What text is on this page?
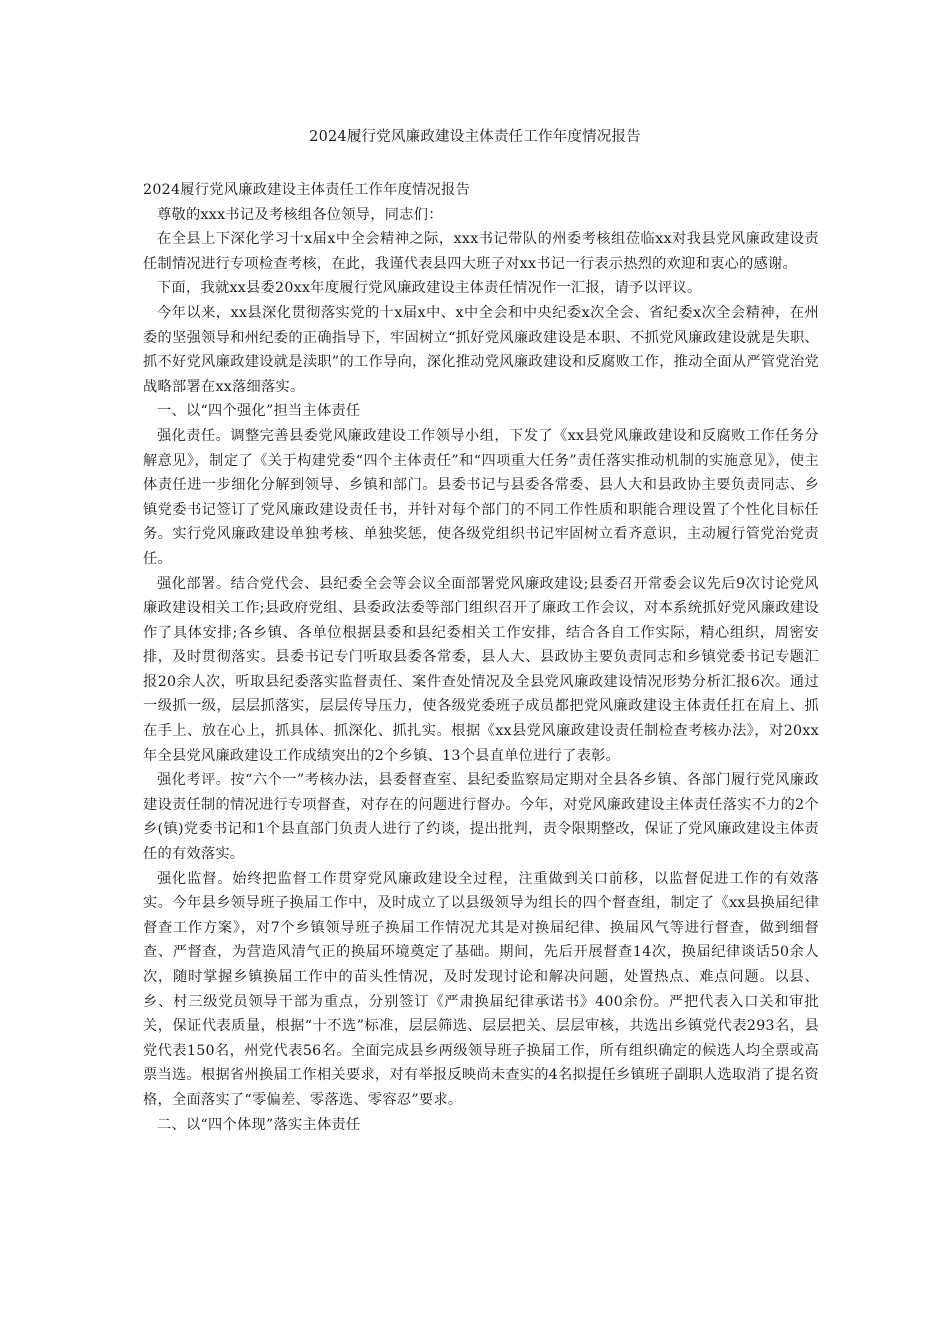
2024履行党风廉政建设主体责任工作年度情况报告

2024履行党风廉政建设主体责任工作年度情况报告

尊敬的xxx书记及考核组各位领导，同志们：

在全县上下深化学习十x届x中全会精神之际，xxx书记带队的州委考核组莅临xx对我县党风廉政建设责任制情况进行专项检查考核，在此，我谨代表县四大班子对xx书记一行表示热烈的欢迎和衷心的感谢。

下面，我就xx县委20xx年度履行党风廉政建设主体责任情况作一汇报，请予以评议。

今年以来，xx县深化贯彻落实党的十x届x中、x中全会和中央纪委x次全会、省纪委x次全会精神，在州委的坚强领导和州纪委的正确指导下，牢固树立“抓好党风廉政建设是本职、不抓党风廉政建设就是失职、抓不好党风廉政建设就是渎职”的工作导向，深化推动党风廉政建设和反腐败工作，推动全面从严管党治党战略部署在xx落细落实。

一、以“四个强化”担当主体责任

强化责任。调整完善县委党风廉政建设工作领导小组，下发了《xx县党风廉政建设和反腐败工作任务分解意见》，制定了《关于构建党委“四个主体责任”和“四项重大任务”责任落实推动机制的实施意见》，使主体责任进一步细化分解到领导、乡镇和部门。县委书记与县委各常委、县人大和县政协主要负责同志、乡镇党委书记签订了党风廉政建设责任书，并针对每个部门的不同工作性质和职能合理设置了个性化目标任务。实行党风廉政建设单独考核、单独奖惩，使各级党组织书记牢固树立看齐意识，主动履行管党治党责任。

强化部署。结合党代会、县纪委全会等会议全面部署党风廉政建设;县委召开常委会议先后9次讨论党风廉政建设相关工作;县政府党组、县委政法委等部门组织召开了廉政工作会议，对本系统抓好党风廉政建设作了具体安排;各乡镇、各单位根据县委和县纪委相关工作安排，结合各自工作实际，精心组织，周密安排，及时贯彻落实。县委书记专门听取县委各常委，县人大、县政协主要负责同志和乡镇党委书记专题汇报20余人次，听取县纪委落实监督责任、案件查处情况及全县党风廉政建设情况形势分析汇报6次。通过一级抓一级，层层抓落实，层层传导压力，使各级党委班子成员都把党风廉政建设主体责任扛在肩上、抓在手上、放在心上，抓具体、抓深化、抓扎实。根据《xx县党风廉政建设责任制检查考核办法》，对20xx年全县党风廉政建设工作成绩突出的2个乡镇、13个县直单位进行了表彰。

强化考评。按“六个一”考核办法，县委督查室、县纪委监察局定期对全县各乡镇、各部门履行党风廉政建设责任制的情况进行专项督查，对存在的问题进行督办。今年，对党风廉政建设主体责任落实不力的2个乡(镇)党委书记和1个县直部门负责人进行了约谈，提出批判，责令限期整改，保证了党风廉政建设主体责任的有效落实。

强化监督。始终把监督工作贯穿党风廉政建设全过程，注重做到关口前移，以监督促进工作的有效落实。今年县乡领导班子换届工作中，及时成立了以县级领导为组长的四个督查组，制定了《xx县换届纪律督查工作方案》，对7个乡镇领导班子换届工作情况尤其是对换届纪律、换届风气等进行督查，做到细督查、严督查，为营造风清气正的换届环境奠定了基础。期间，先后开展督查14次，换届纪律谈话50余人次，随时掌握乡镇换届工作中的苗头性情况，及时发现讨论和解决问题，处置热点、难点问题。以县、乡、村三级党员领导干部为重点，分别签订《严肃换届纪律承诺书》400余份。严把代表入口关和审批关，保证代表质量，根据“十不选”标准，层层筛选、层层把关、层层审核，共选出乡镇党代表293名，县党代表150名，州党代表56名。全面完成县乡两级领导班子换届工作，所有组织确定的候选人均全票或高票当选。根据省州换届工作相关要求，对有举报反映尚未查实的4名拟提任乡镇班子副职人选取消了提名资格，全面落实了“零偏差、零落选、零容忍”要求。

二、以“四个体现”落实主体责任
